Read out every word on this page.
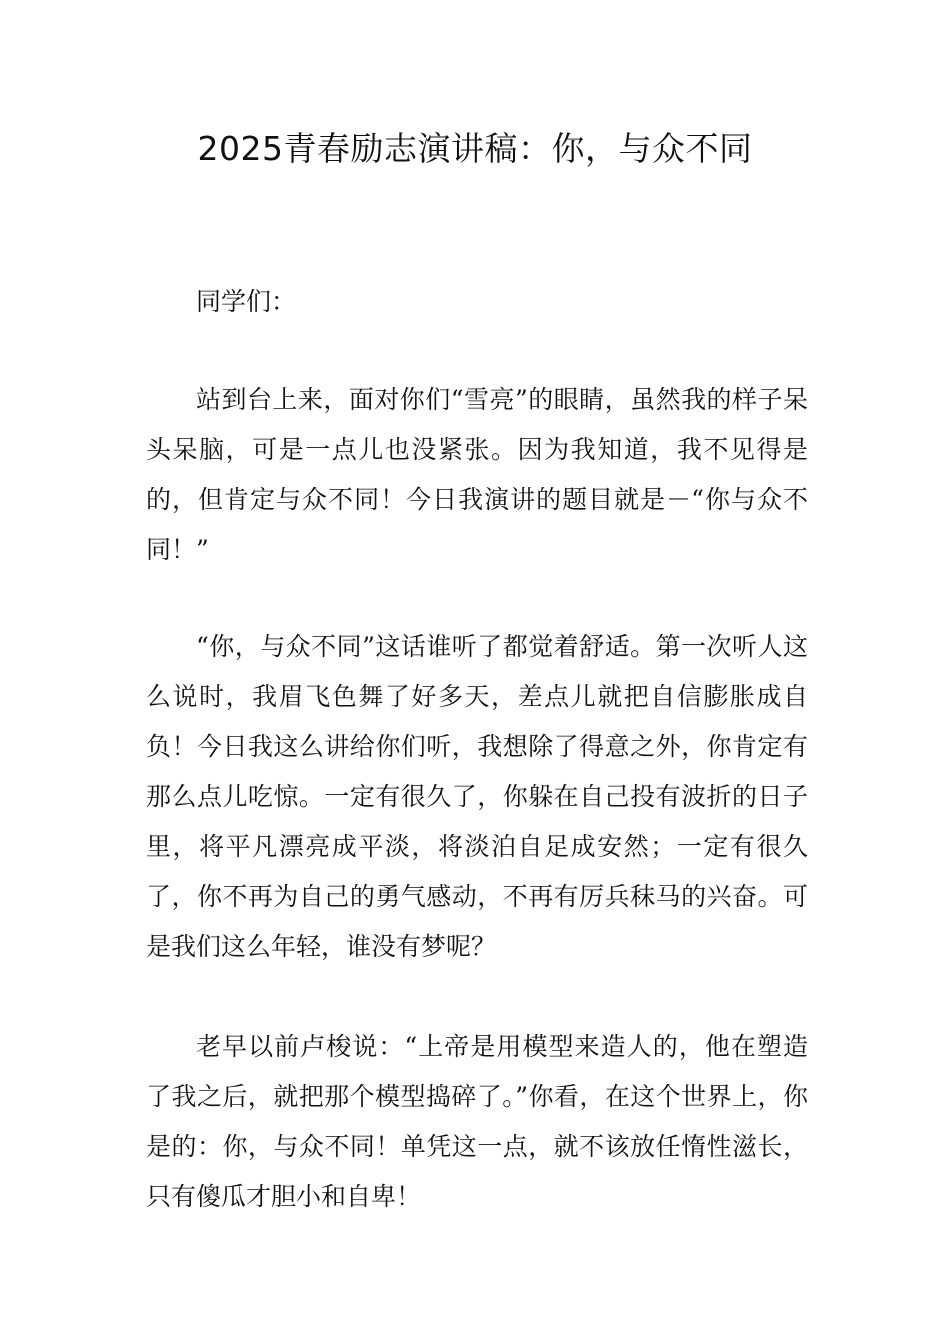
2025青春励志演讲稿：你，与众不同

同学们：

站到台上来，面对你们“雪亮”的眼睛，虽然我的样子呆头呆脑，可是一点儿也没紧张。因为我知道，我不见得是的，但肯定与众不同！今日我演讲的题目就是－“你与众不同！”

“你，与众不同”这话谁听了都觉着舒适。第一次听人这么说时，我眉飞色舞了好多天，差点儿就把自信膨胀成自负！今日我这么讲给你们听，我想除了得意之外，你肯定有那么点儿吃惊。一定有很久了，你躲在自己投有波折的日子里，将平凡漂亮成平淡，将淡泊自足成安然；一定有很久了，你不再为自己的勇气感动，不再有厉兵秣马的兴奋。可是我们这么年轻，谁没有梦呢？

老早以前卢梭说：“上帝是用模型来造人的，他在塑造了我之后，就把那个模型捣碎了。”你看，在这个世界上，你是的：你，与众不同！单凭这一点，就不该放任惰性滋长，只有傻瓜才胆小和自卑！
